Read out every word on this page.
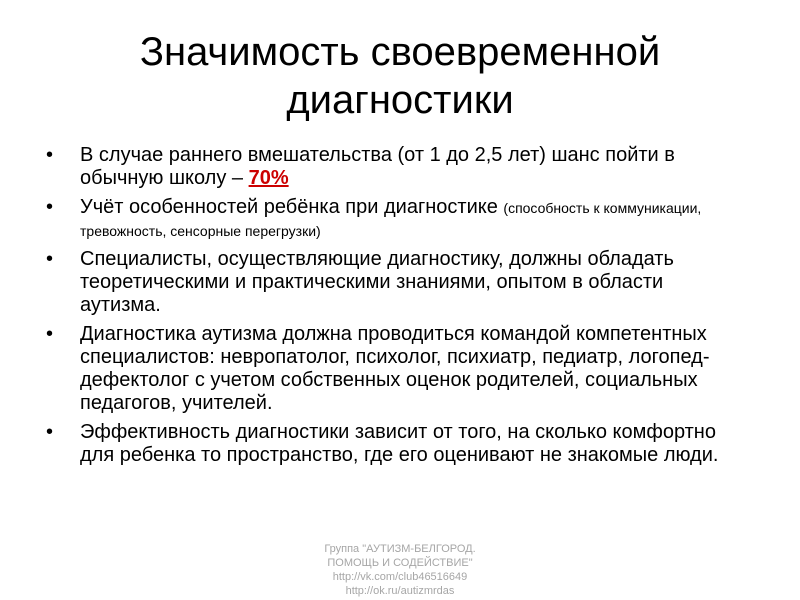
Значимость своевременной
диагностики
• В случае раннего вмешательства (от 1 до 2,5 лет) шанс пойти в обычную школу – 70%
• Учёт особенностей ребёнка при диагностике (способность к коммуникации, тревожность, сенсорные перегрузки)
• Специалисты, осуществляющие диагностику, должны обладать теоретическими и практическими знаниями, опытом в области аутизма.
• Диагностика аутизма должна проводиться командой компетентных специалистов: невропатолог, психолог, психиатр, педиатр, логопед-дефектолог с учетом собственных оценок родителей, социальных педагогов, учителей.
• Эффективность диагностики зависит от того, на сколько комфортно для ребенка то пространство, где его оценивают не знакомые люди.
Группа "АУТИЗМ-БЕЛГОРОД.
ПОМОЩЬ И СОДЕЙСТВИЕ"
http://vk.com/club46516649
http://ok.ru/autizmrdas
